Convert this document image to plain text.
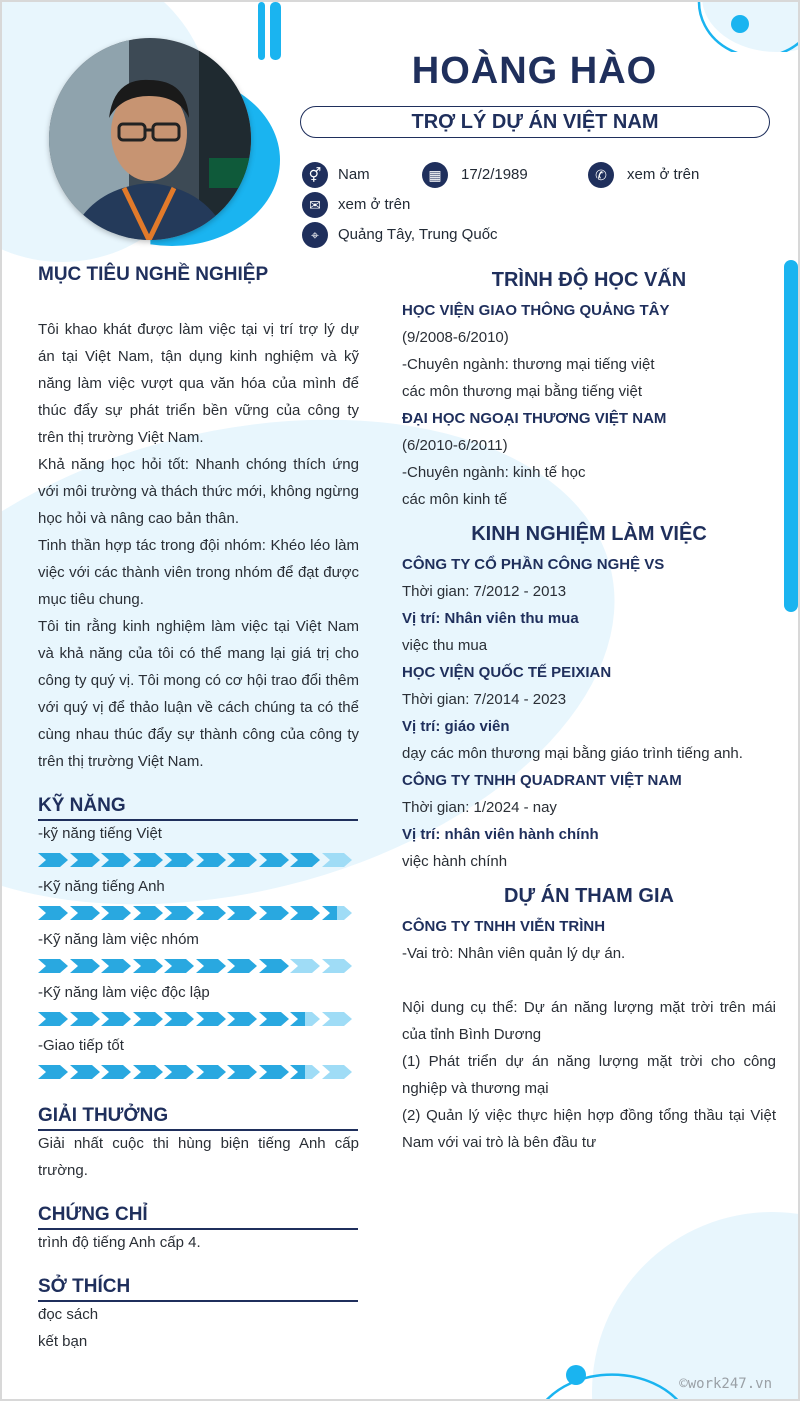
HOÀNG HÀO
TRỢ LÝ DỰ ÁN VIỆT NAM
⚥	Nam	▦	17/2/1989	✆	xem ở trên
✉	xem ở trên
⌖	Quảng Tây, Trung Quốc
MỤC TIÊU NGHỀ NGHIỆP
Tôi khao khát được làm việc tại vị trí trợ lý dự án tại Việt Nam, tận dụng kinh nghiệm và kỹ năng làm việc vượt qua văn hóa của mình để thúc đẩy sự phát triển bền vững của công ty trên thị trường Việt Nam.
Khả năng học hỏi tốt: Nhanh chóng thích ứng với môi trường và thách thức mới, không ngừng học hỏi và nâng cao bản thân.
Tinh thần hợp tác trong đội nhóm: Khéo léo làm việc với các thành viên trong nhóm để đạt được mục tiêu chung.
Tôi tin rằng kinh nghiệm làm việc tại Việt Nam và khả năng của tôi có thể mang lại giá trị cho công ty quý vị. Tôi mong có cơ hội trao đổi thêm với quý vị để thảo luận về cách chúng ta có thể cùng nhau thúc đẩy sự thành công của công ty trên thị trường Việt Nam.
KỸ NĂNG
GIẢI THƯỞNG
Giải nhất cuộc thi hùng biện tiếng Anh cấp trường.
CHỨNG CHỈ
trình độ tiếng Anh cấp 4.
SỞ THÍCH
đọc sách
kết bạn
TRÌNH ĐỘ HỌC VẤN
HỌC VIỆN GIAO THÔNG QUẢNG TÂY
(9/2008-6/2010)
-Chuyên ngành: thương mại tiếng việt
các môn thương mại bằng tiếng việt
ĐẠI HỌC NGOẠI THƯƠNG VIỆT NAM
(6/2010-6/2011)
-Chuyên ngành: kinh tế học
các môn kinh tế
KINH NGHIỆM LÀM VIỆC
CÔNG TY CỔ PHẦN CÔNG NGHỆ VS
Thời gian: 7/2012 - 2013
Vị trí: Nhân viên thu mua
việc thu mua
HỌC VIỆN QUỐC TẾ PEIXIAN
Thời gian: 7/2014 - 2023
Vị trí: giáo viên
dạy các môn thương mại bằng giáo trình tiếng anh.
CÔNG TY TNHH QUADRANT VIỆT NAM
Thời gian: 1/2024 - nay
Vị trí: nhân viên hành chính
việc hành chính
DỰ ÁN THAM GIA
CÔNG TY TNHH VIỄN TRÌNH
-Vai trò: Nhân viên quản lý dự án.
Nội dung cụ thể: Dự án năng lượng mặt trời trên mái của tỉnh Bình Dương
(1) Phát triển dự án năng lượng mặt trời cho công nghiệp và thương mại
(2) Quản lý việc thực hiện hợp đồng tổng thầu tại Việt Nam với vai trò là bên đầu tư
©work247.vn
-kỹ năng tiếng Việt
-Kỹ năng tiếng Anh
-Kỹ năng làm việc nhóm
-Kỹ năng làm việc độc lập
-Giao tiếp tốt
